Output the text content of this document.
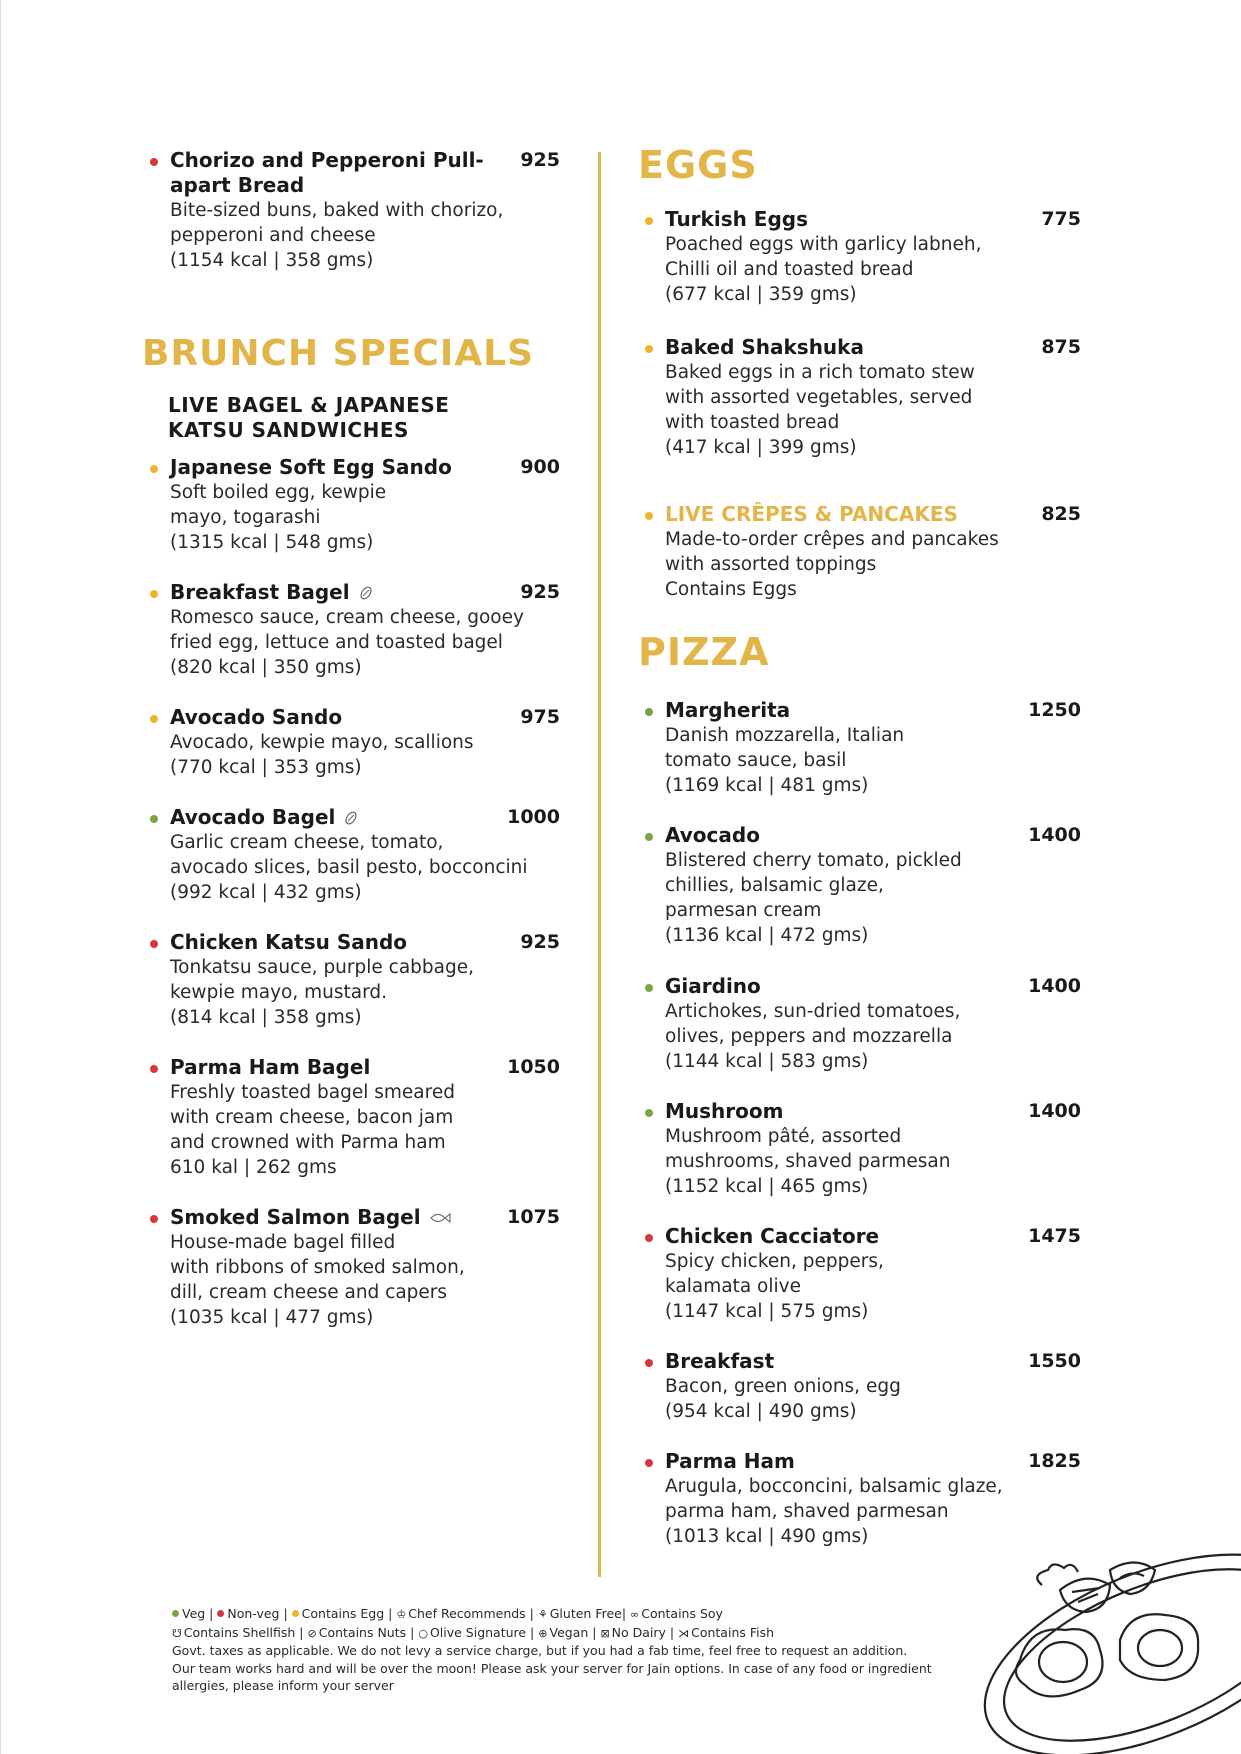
Chorizo and Pepperoni Pull-apart Bread
925
Bite-sized buns, baked with chorizo,
pepperoni and cheese
(1154 kcal | 358 gms)
BRUNCH SPECIALS
LIVE BAGEL & JAPANESE KATSU SANDWICHES
Japanese Soft Egg Sando	900
Soft boiled egg, kewpie
mayo, togarashi
(1315 kcal | 548 gms)
Breakfast Bagel	925
Romesco sauce, cream cheese, gooey
fried egg, lettuce and toasted bagel
(820 kcal | 350 gms)
Avocado Sando	975
Avocado, kewpie mayo, scallions
(770 kcal | 353 gms)
Avocado Bagel	1000
Garlic cream cheese, tomato,
avocado slices, basil pesto, bocconcini
(992 kcal | 432 gms)
Chicken Katsu Sando	925
Tonkatsu sauce, purple cabbage,
kewpie mayo, mustard.
(814 kcal | 358 gms)
Parma Ham Bagel	1050
Freshly toasted bagel smeared
with cream cheese, bacon jam
and crowned with Parma ham
610 kal | 262 gms
Smoked Salmon Bagel	1075
House-made bagel filled
with ribbons of smoked salmon,
dill, cream cheese and capers
(1035 kcal | 477 gms)
EGGS
PIZZA
Turkish Eggs	775
Poached eggs with garlicy labneh,
Chilli oil and toasted bread
(677 kcal | 359 gms)
Baked Shakshuka	875
Baked eggs in a rich tomato stew
with assorted vegetables, served
with toasted bread
(417 kcal | 399 gms)
LIVE CRÊPES & PANCAKES	825
Made-to-order crêpes and pancakes
with assorted toppings
Contains Eggs
Margherita	1250
Danish mozzarella, Italian
tomato sauce, basil
(1169 kcal | 481 gms)
Avocado	1400
Blistered cherry tomato, pickled
chillies, balsamic glaze,
parmesan cream
(1136 kcal | 472 gms)
Giardino	1400
Artichokes, sun-dried tomatoes,
olives, peppers and mozzarella
(1144 kcal | 583 gms)
Mushroom	1400
Mushroom pâté, assorted
mushrooms, shaved parmesan
(1152 kcal | 465 gms)
Chicken Cacciatore	1475
Spicy chicken, peppers,
kalamata olive
(1147 kcal | 575 gms)
Breakfast	1550
Bacon, green onions, egg
(954 kcal | 490 gms)
Parma Ham	1825
Arugula, bocconcini, balsamic glaze,
parma ham, shaved parmesan
(1013 kcal | 490 gms)
Veg | Non-veg | Contains Egg | ♔ Chef Recommends | ⚘ Gluten Free| ∞ Contains Soy
☋ Contains Shellfish | ⊘ Contains Nuts | ○ Olive Signature | ⊕ Vegan | ⊠ No Dairy | ⋊ Contains Fish
Govt. taxes as applicable. We do not levy a service charge, but if you had a fab time, feel free to request an addition. Our team works hard and will be over the moon! Please ask your server for Jain options. In case of any food or ingredient allergies, please inform your server
